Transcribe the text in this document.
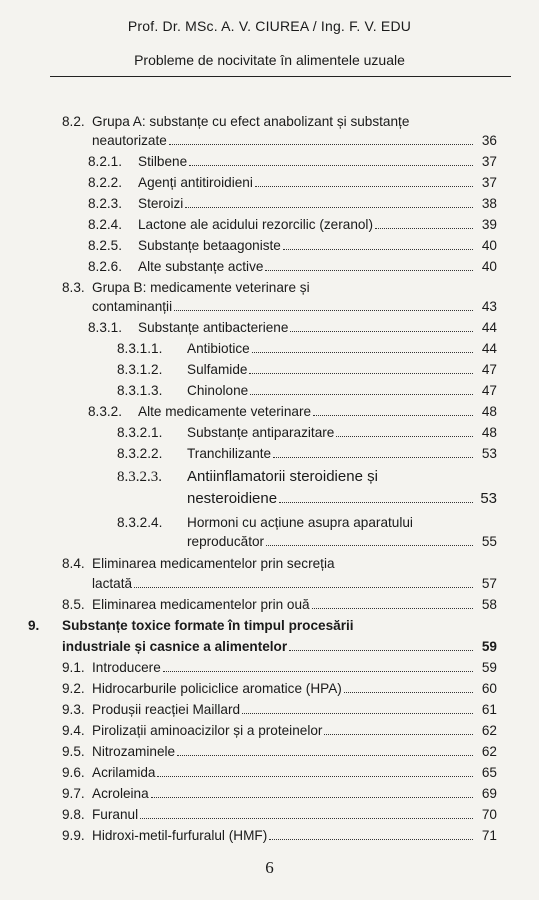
Prof. Dr. MSc. A. V. CIUREA / Ing. F. V. EDU
Probleme de nocivitate în alimentele uzuale
8.2. Grupa A: substanțe cu efect anabolizant și substanțe
neautorizate	36
8.2.1.	Stilbene	37
8.2.2.	Agenți antitiroidieni	37
8.2.3.	Steroizi	38
8.2.4.	Lactone ale acidului rezorcilic (zeranol)	39
8.2.5.	Substanțe betaagoniste	40
8.2.6.	Alte substanțe active	40
8.3. Grupa B: medicamente veterinare și
contaminanții	43
8.3.1.	Substanțe antibacteriene	44
8.3.1.1.	Antibiotice	44
8.3.1.2.	Sulfamide	47
8.3.1.3.	Chinolone	47
8.3.2.	Alte medicamente veterinare	48
8.3.2.1.	Substanțe antiparazitare	48
8.3.2.2.	Tranchilizante	53
8.3.2.3.	Antiinflamatorii steroidiene și
nesteroidiene	53
8.3.2.4.	Hormoni cu acțiune asupra aparatului
reproducător	55
8.4. Eliminarea medicamentelor prin secreția
lactată	57
8.5. Eliminarea medicamentelor prin ouă	58
9.	Substanțe toxice formate în timpul procesării
industriale și casnice a alimentelor	59
9.1. Introducere	59
9.2. Hidrocarburile policiclice aromatice (HPA)	60
9.3. Produșii reacției Maillard	61
9.4. Pirolizații aminoacizilor și a proteinelor	62
9.5. Nitrozaminele	62
9.6. Acrilamida	65
9.7. Acroleina	69
9.8. Furanul	70
9.9. Hidroxi-metil-furfuralul (HMF)	71
6
